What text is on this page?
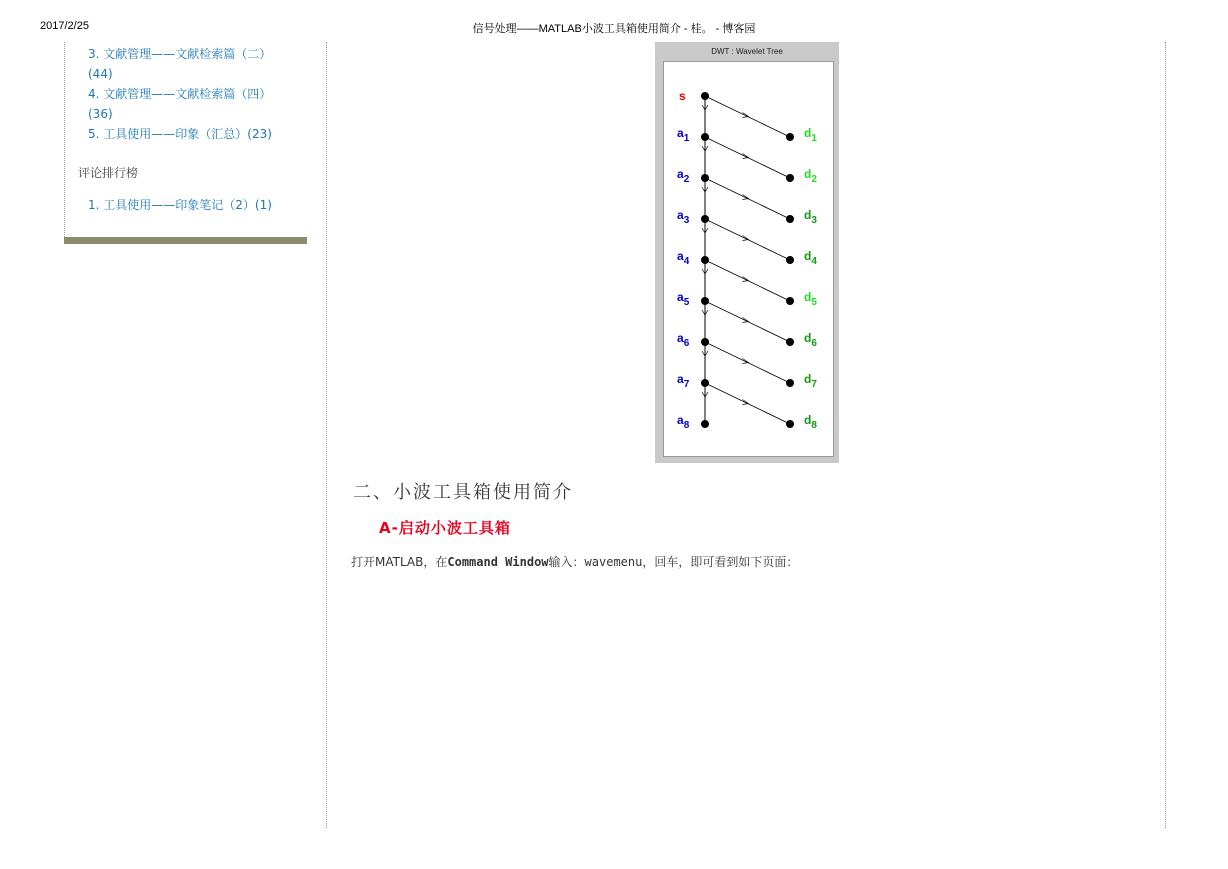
2017/2/25	信号处理——MATLAB小波工具箱使用简介 - 桂。 - 博客园
3. 文献管理——文献检索篇（二）
(44)
4. 文献管理——文献检索篇（四）
(36)
5. 工具使用——印象（汇总）(23)
评论排行榜
1. 工具使用——印象笔记（2）(1)
DWT : Wavelet Tree
s
$a_1$	$d_1$
$a_2$	$d_2$
$a_3$	$d_3$
$a_4$	$d_4$
$a_5$	$d_5$
$a_6$	$d_6$
$a_7$	$d_7$
$a_8$	$d_8$
二、小波工具箱使用简介
A-启动小波工具箱
打开MATLAB，在Command Window输入：wavemenu，回车，即可看到如下页面：
